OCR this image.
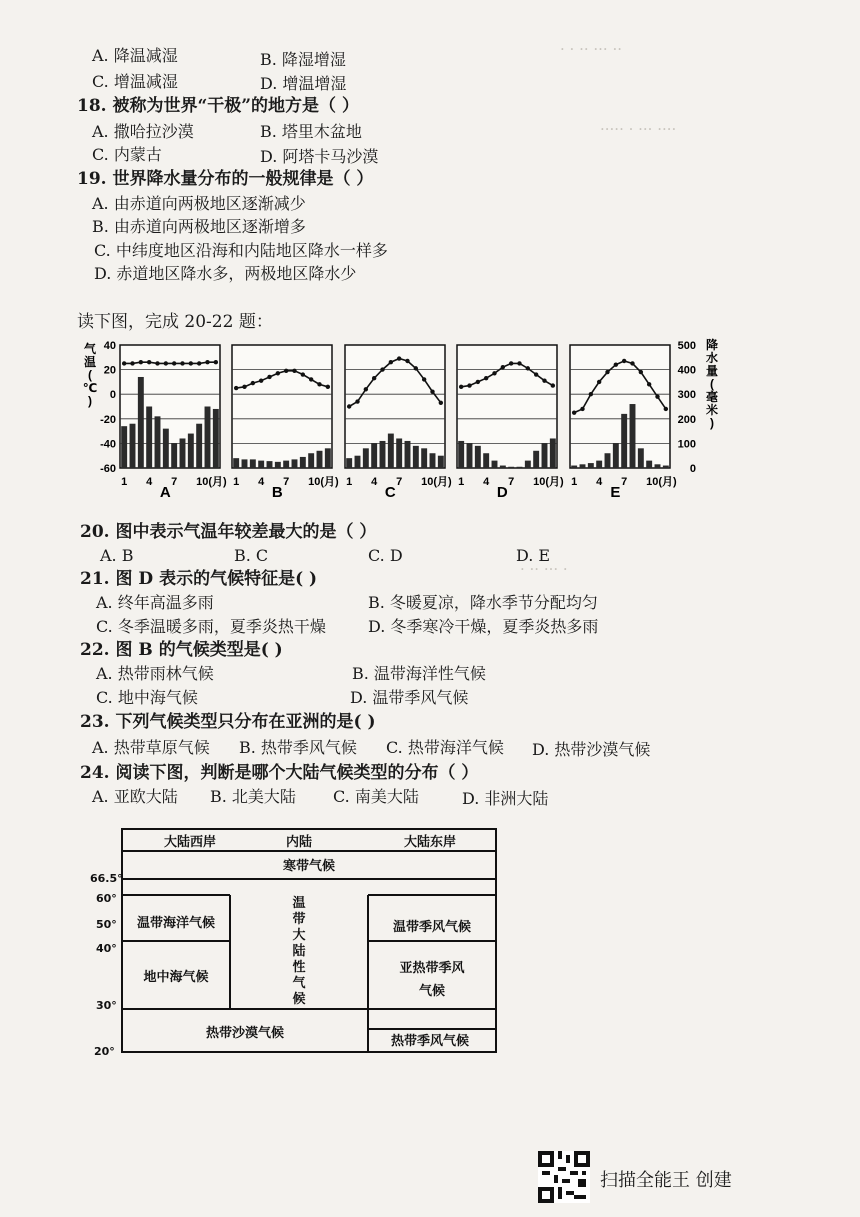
· · ·· ··· ··
····· · ··· ····
· ·· ··· ·
A. 降温减湿	B. 降湿增湿
C. 增温减湿	D. 增温增湿
18. 被称为世界“干极”的地方是（ ）
A. 撒哈拉沙漠	B. 塔里木盆地
C. 内蒙古	D. 阿塔卡马沙漠
19. 世界降水量分布的一般规律是（ ）
A. 由赤道向两极地区逐渐减少
B. 由赤道向两极地区逐渐增多
C. 中纬度地区沿海和内陆地区降水一样多
D. 赤道地区降水多，两极地区降水少
读下图，完成 20-22 题：
气
温
(
℃
)
降
水
量
(
毫
米
)
40
20
0
-20
-40
-60
500
400
300
200
100
0
1 4 7 10(月)
A
1 4 7 10(月)
B
1 4 7 10(月)
C
1 4 7 10(月)
D
1 4 7 10(月)
E
20. 图中表示气温年较差最大的是（ ）
A. B	B. C	C. D	D. E
21. 图 D 表示的气候特征是( )
A. 终年高温多雨	B. 冬暖夏凉，降水季节分配均匀
C. 冬季温暖多雨，夏季炎热干燥	D. 冬季寒冷干燥，夏季炎热多雨
22. 图 B 的气候类型是( )
A. 热带雨林气候	B. 温带海洋性气候
C. 地中海气候	D. 温带季风气候
23. 下列气候类型只分布在亚洲的是( )
A. 热带草原气候 B. 热带季风气候 C. 热带海洋气候 D. 热带沙漠气候
24. 阅读下图，判断是哪个大陆气候类型的分布（ ）
A. 亚欧大陆 B. 北美大陆 C. 南美大陆	D. 非洲大陆
大陆西岸	内陆	大陆东岸
寒带气候
温带海洋气候
地中海气候
温带季风气候
亚热带季风
气候
热带沙漠气候
热带季风气候
温
带
大
陆
性
气
候
66.5°
60°
50°
40°
30°
20°
扫描全能王 创建
